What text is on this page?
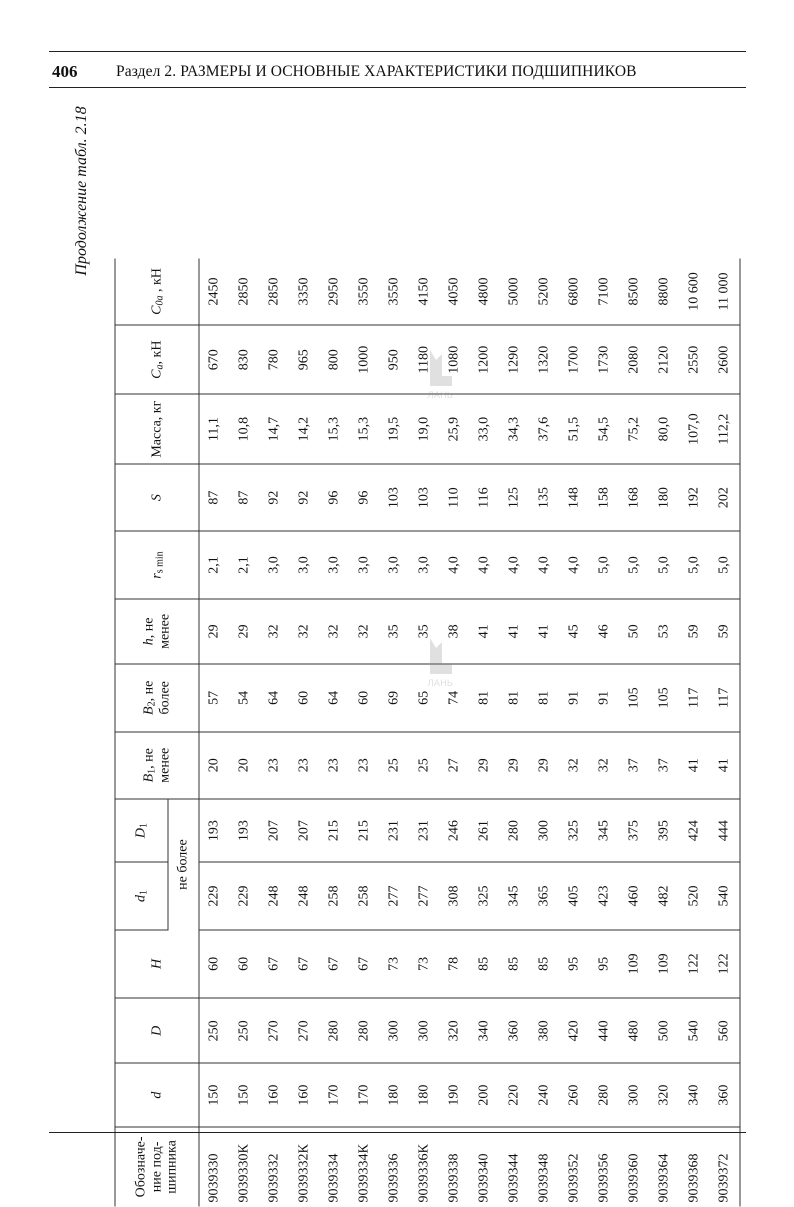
406 Раздел 2. РАЗМЕРЫ И ОСНОВНЫЕ ХАРАКТЕРИСТИКИ ПОДШИПНИКОВ
Продолжение табл. 2.18
Обозначе-ние под-шипника	d	D	H	$d_1$	$D_1$	$B_1$, не менее	$B_2$, не более	h, не менее	$r_{s min}$	S	Масса, кг	$C_a$, кН	$C_{0a}$ , кН
				не более									
9039330	150	250	60	229	193	20	57	29	2,1	87	11,1	670	2450
9039330К	150	250	60	229	193	20	54	29	2,1	87	10,8	830	2850
9039332	160	270	67	248	207	23	64	32	3,0	92	14,7	780	2850
9039332К	160	270	67	248	207	23	60	32	3,0	92	14,2	965	3350
9039334	170	280	67	258	215	23	64	32	3,0	96	15,3	800	2950
9039334К	170	280	67	258	215	23	60	32	3,0	96	15,3	1000	3550
9039336	180	300	73	277	231	25	69	35	3,0	103	19,5	950	3550
9039336К	180	300	73	277	231	25	65	35	3,0	103	19,0	1180	4150
9039338	190	320	78	308	246	27	74	38	4,0	110	25,9	1080	4050
9039340	200	340	85	325	261	29	81	41	4,0	116	33,0	1200	4800
9039344	220	360	85	345	280	29	81	41	4,0	125	34,3	1290	5000
9039348	240	380	85	365	300	29	81	41	4,0	135	37,6	1320	5200
9039352	260	420	95	405	325	32	91	45	4,0	148	51,5	1700	6800
9039356	280	440	95	423	345	32	91	46	5,0	158	54,5	1730	7100
9039360	300	480	109	460	375	37	105	50	5,0	168	75,2	2080	8500
9039364	320	500	109	482	395	37	105	53	5,0	180	80,0	2120	8800
9039368	340	540	122	520	424	41	117	59	5,0	192	107,0	2550	10 600
9039372	360	560	122	540	444	41	117	59	5,0	202	112,2	2600	11 000
ЛАНЬ
ЛАНЬ
